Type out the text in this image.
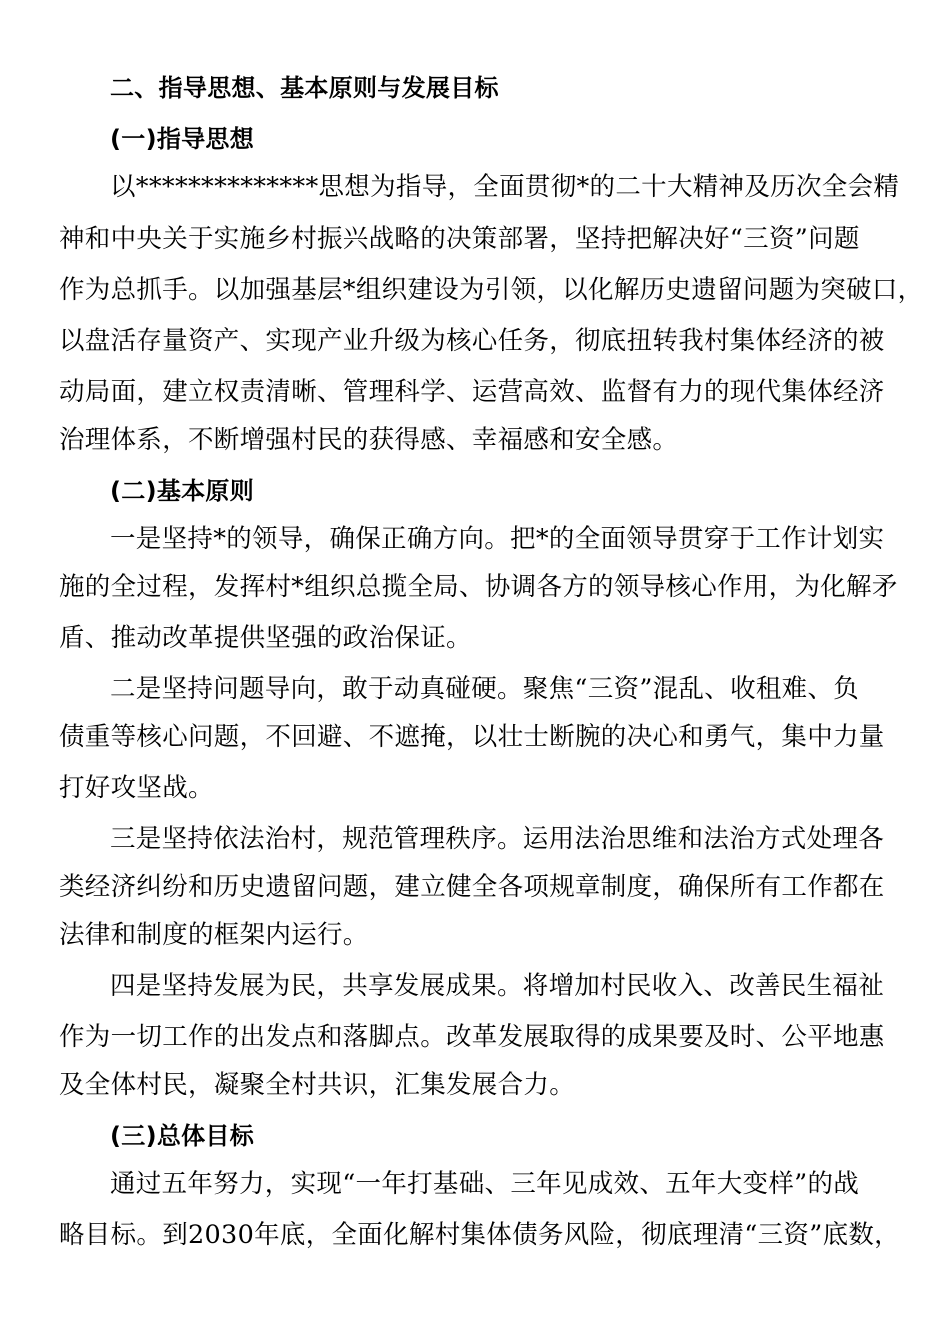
二、指导思想、基本原则与发展目标
(一)指导思想
以**************思想为指导，全面贯彻*的二十大精神及历次全会精
神和中央关于实施乡村振兴战略的决策部署，坚持把解决好“三资”问题
作为总抓手。以加强基层*组织建设为引领，以化解历史遗留问题为突破口，
以盘活存量资产、实现产业升级为核心任务，彻底扭转我村集体经济的被
动局面，建立权责清晰、管理科学、运营高效、监督有力的现代集体经济
治理体系，不断增强村民的获得感、幸福感和安全感。
(二)基本原则
一是坚持*的领导，确保正确方向。把*的全面领导贯穿于工作计划实
施的全过程，发挥村*组织总揽全局、协调各方的领导核心作用，为化解矛
盾、推动改革提供坚强的政治保证。
二是坚持问题导向，敢于动真碰硬。聚焦“三资”混乱、收租难、负
债重等核心问题，不回避、不遮掩，以壮士断腕的决心和勇气，集中力量
打好攻坚战。
三是坚持依法治村，规范管理秩序。运用法治思维和法治方式处理各
类经济纠纷和历史遗留问题，建立健全各项规章制度，确保所有工作都在
法律和制度的框架内运行。
四是坚持发展为民，共享发展成果。将增加村民收入、改善民生福祉
作为一切工作的出发点和落脚点。改革发展取得的成果要及时、公平地惠
及全体村民，凝聚全村共识，汇集发展合力。
(三)总体目标
通过五年努力，实现“一年打基础、三年见成效、五年大变样”的战
略目标。到2030年底，全面化解村集体债务风险，彻底理清“三资”底数，
